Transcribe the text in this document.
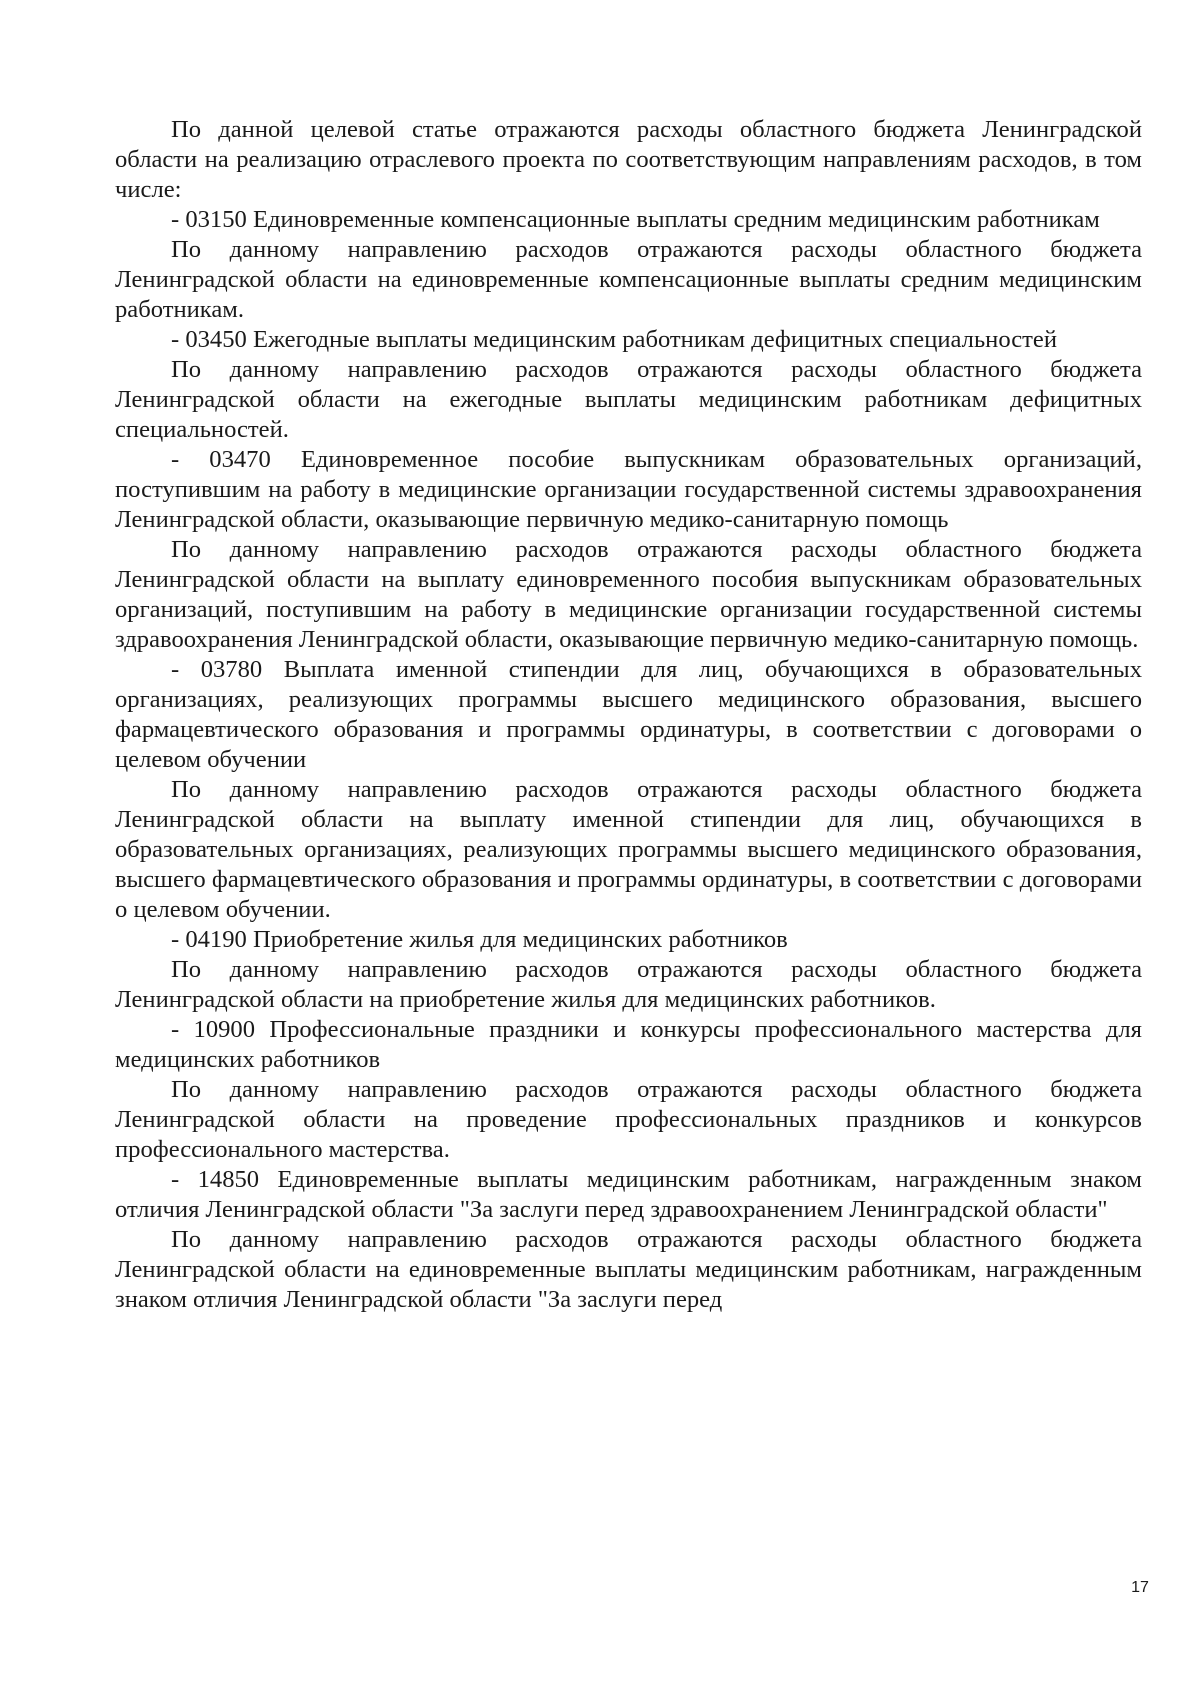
По данной целевой статье отражаются расходы областного бюджета Ленинградской области на реализацию отраслевого проекта по соответствующим направлениям расходов, в том числе:

- 03150 Единовременные компенсационные выплаты средним медицинским работникам

По данному направлению расходов отражаются расходы областного бюджета Ленинградской области на единовременные компенсационные выплаты средним медицинским работникам.

- 03450 Ежегодные выплаты медицинским работникам дефицитных специальностей

По данному направлению расходов отражаются расходы областного бюджета Ленинградской области на ежегодные выплаты медицинским работникам дефицитных специальностей.

- 03470 Единовременное пособие выпускникам образовательных организаций, поступившим на работу в медицинские организации государственной системы здравоохранения Ленинградской области, оказывающие первичную медико-санитарную помощь

По данному направлению расходов отражаются расходы областного бюджета Ленинградской области на выплату единовременного пособия выпускникам образовательных организаций, поступившим на работу в медицинские организации государственной системы здравоохранения Ленинградской области, оказывающие первичную медико-санитарную помощь.

- 03780 Выплата именной стипендии для лиц, обучающихся в образовательных организациях, реализующих программы высшего медицинского образования, высшего фармацевтического образования и программы ординатуры, в соответствии с договорами о целевом обучении

По данному направлению расходов отражаются расходы областного бюджета Ленинградской области на выплату именной стипендии для лиц, обучающихся в образовательных организациях, реализующих программы высшего медицинского образования, высшего фармацевтического образования и программы ординатуры, в соответствии с договорами о целевом обучении.

- 04190 Приобретение жилья для медицинских работников

По данному направлению расходов отражаются расходы областного бюджета Ленинградской области на приобретение жилья для медицинских работников.

- 10900 Профессиональные праздники и конкурсы профессионального мастерства для медицинских работников

По данному направлению расходов отражаются расходы областного бюджета Ленинградской области на проведение профессиональных праздников и конкурсов профессионального мастерства.

- 14850 Единовременные выплаты медицинским работникам, награжденным знаком отличия Ленинградской области "За заслуги перед здравоохранением Ленинградской области"

По данному направлению расходов отражаются расходы областного бюджета Ленинградской области на единовременные выплаты медицинским работникам, награжденным знаком отличия Ленинградской области "За заслуги перед

17
